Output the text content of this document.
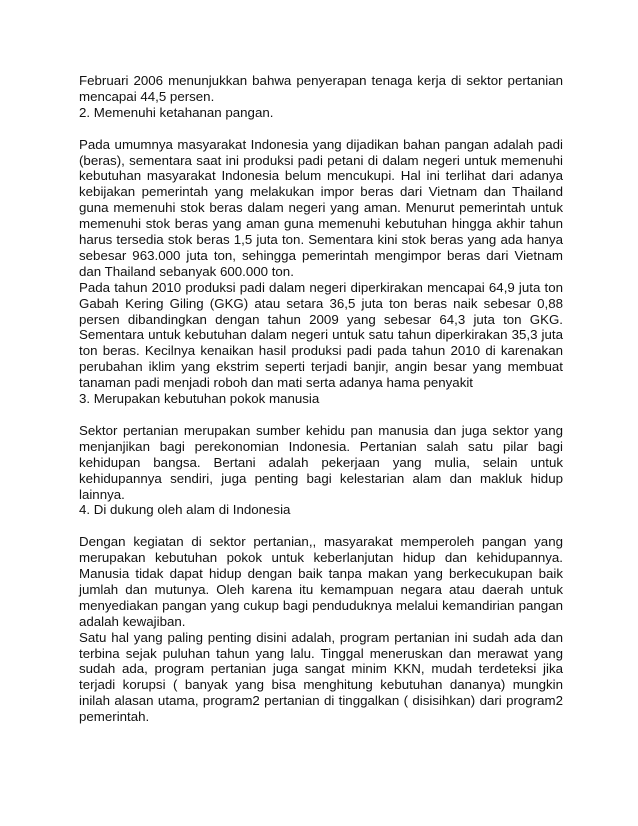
Februari 2006 menunjukkan bahwa penyerapan tenaga kerja di sektor pertanian mencapai 44,5 persen.

2. Memenuhi ketahanan pangan.

Pada umumnya masyarakat Indonesia yang dijadikan bahan pangan adalah padi (beras), sementara saat ini produksi padi petani di dalam negeri untuk memenuhi kebutuhan masyarakat Indonesia belum mencukupi. Hal ini terlihat dari adanya kebijakan pemerintah yang melakukan impor beras dari Vietnam dan Thailand guna memenuhi stok beras dalam negeri yang aman. Menurut pemerintah untuk memenuhi stok beras yang aman guna memenuhi kebutuhan hingga akhir tahun harus tersedia stok beras 1,5 juta ton. Sementara kini stok beras yang ada hanya sebesar 963.000 juta ton, sehingga pemerintah mengimpor beras dari Vietnam dan Thailand sebanyak 600.000 ton.

Pada tahun 2010 produksi padi dalam negeri diperkirakan mencapai 64,9 juta ton Gabah Kering Giling (GKG) atau setara 36,5 juta ton beras naik sebesar 0,88 persen dibandingkan dengan tahun 2009 yang sebesar 64,3 juta ton GKG. Sementara untuk kebutuhan dalam negeri untuk satu tahun diperkirakan 35,3 juta ton beras. Kecilnya kenaikan hasil produksi padi pada tahun 2010 di karenakan perubahan iklim yang ekstrim seperti terjadi banjir, angin besar yang membuat tanaman padi menjadi roboh dan mati serta adanya hama penyakit

3. Merupakan kebutuhan pokok manusia

Sektor pertanian merupakan sumber kehidu pan manusia dan juga sektor yang menjanjikan bagi perekonomian Indonesia. Pertanian salah satu pilar bagi kehidupan bangsa. Bertani adalah pekerjaan yang mulia, selain untuk kehidupannya sendiri, juga penting bagi kelestarian alam dan makluk hidup lainnya.

4. Di dukung oleh alam di Indonesia

Dengan kegiatan di sektor pertanian,, masyarakat memperoleh pangan yang merupakan kebutuhan pokok untuk keberlanjutan hidup dan kehidupannya. Manusia tidak dapat hidup dengan baik tanpa makan yang berkecukupan baik jumlah dan mutunya. Oleh karena itu kemampuan negara atau daerah untuk menyediakan pangan yang cukup bagi penduduknya melalui kemandirian pangan adalah kewajiban.

Satu hal yang paling penting disini adalah, program pertanian ini sudah ada dan terbina sejak puluhan tahun yang lalu. Tinggal meneruskan dan merawat yang sudah ada, program pertanian juga sangat minim KKN, mudah terdeteksi jika terjadi korupsi ( banyak yang bisa menghitung kebutuhan dananya) mungkin inilah alasan utama, program2 pertanian di tinggalkan ( disisihkan) dari program2 pemerintah.
